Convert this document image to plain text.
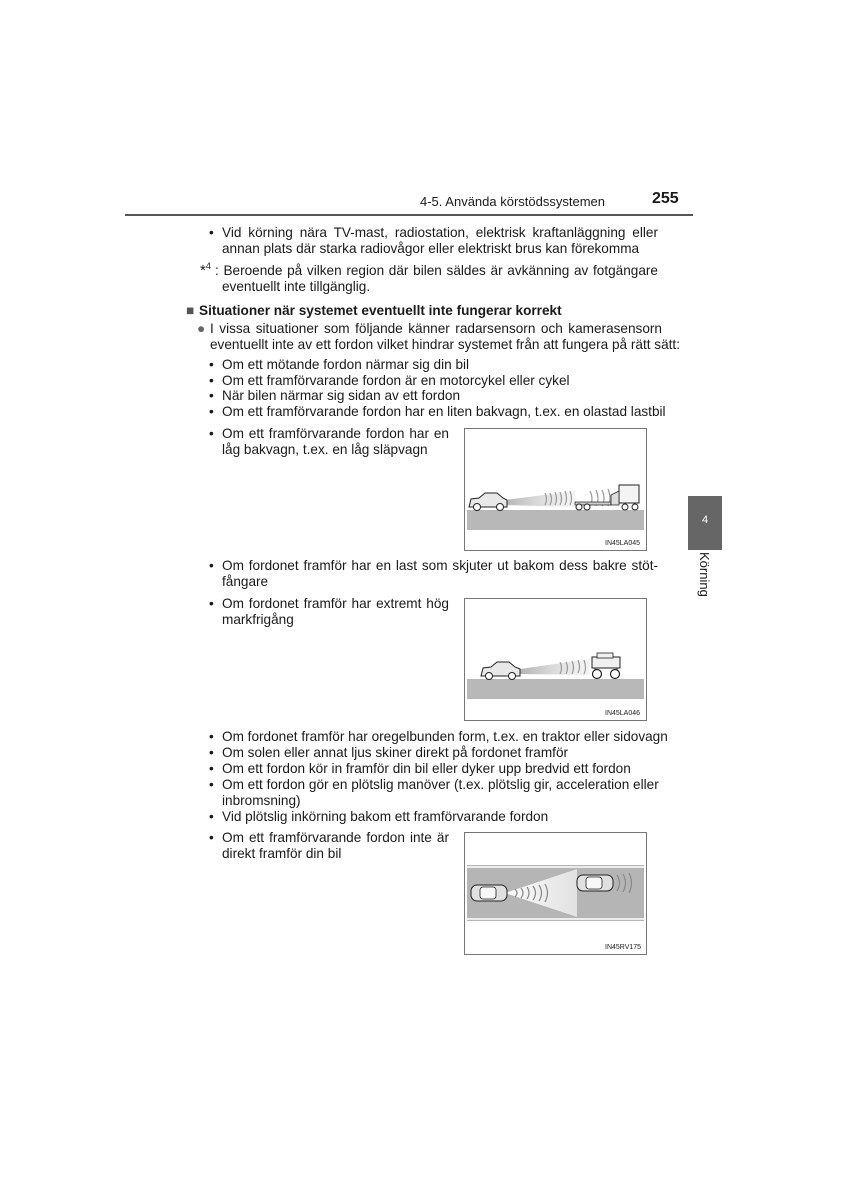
4-5. Använda körstödssystemen	255
4
Körning
• Vid körning nära TV-mast, radiostation, elektrisk kraftanläggning eller
annan plats där starka radiovågor eller elektriskt brus kan förekomma
*$^4$ : Beroende på vilken region där bilen säldes är avkänning av fotgängare
eventuellt inte tillgänglig.
■ Situationer när systemet eventuellt inte fungerar korrekt
● I vissa situationer som följande känner radarsensorn och kamerasensorn
eventuellt inte av ett fordon vilket hindrar systemet från att fungera på rätt sätt:
• Om ett mötande fordon närmar sig din bil
• Om ett framförvarande fordon är en motorcykel eller cykel
• När bilen närmar sig sidan av ett fordon
• Om ett framförvarande fordon har en liten bakvagn, t.ex. en olastad lastbil
• Om ett framförvarande fordon har en
låg bakvagn, t.ex. en låg släpvagn
IN45LA045
• Om fordonet framför har en last som skjuter ut bakom dess bakre stöt-
fångare
• Om fordonet framför har extremt hög
markfrigång
IN45LA046
• Om fordonet framför har oregelbunden form, t.ex. en traktor eller sidovagn
• Om solen eller annat ljus skiner direkt på fordonet framför
• Om ett fordon kör in framför din bil eller dyker upp bredvid ett fordon
• Om ett fordon gör en plötslig manöver (t.ex. plötslig gir, acceleration eller
inbromsning)
• Vid plötslig inkörning bakom ett framförvarande fordon
• Om ett framförvarande fordon inte är
direkt framför din bil
IN45RV175
